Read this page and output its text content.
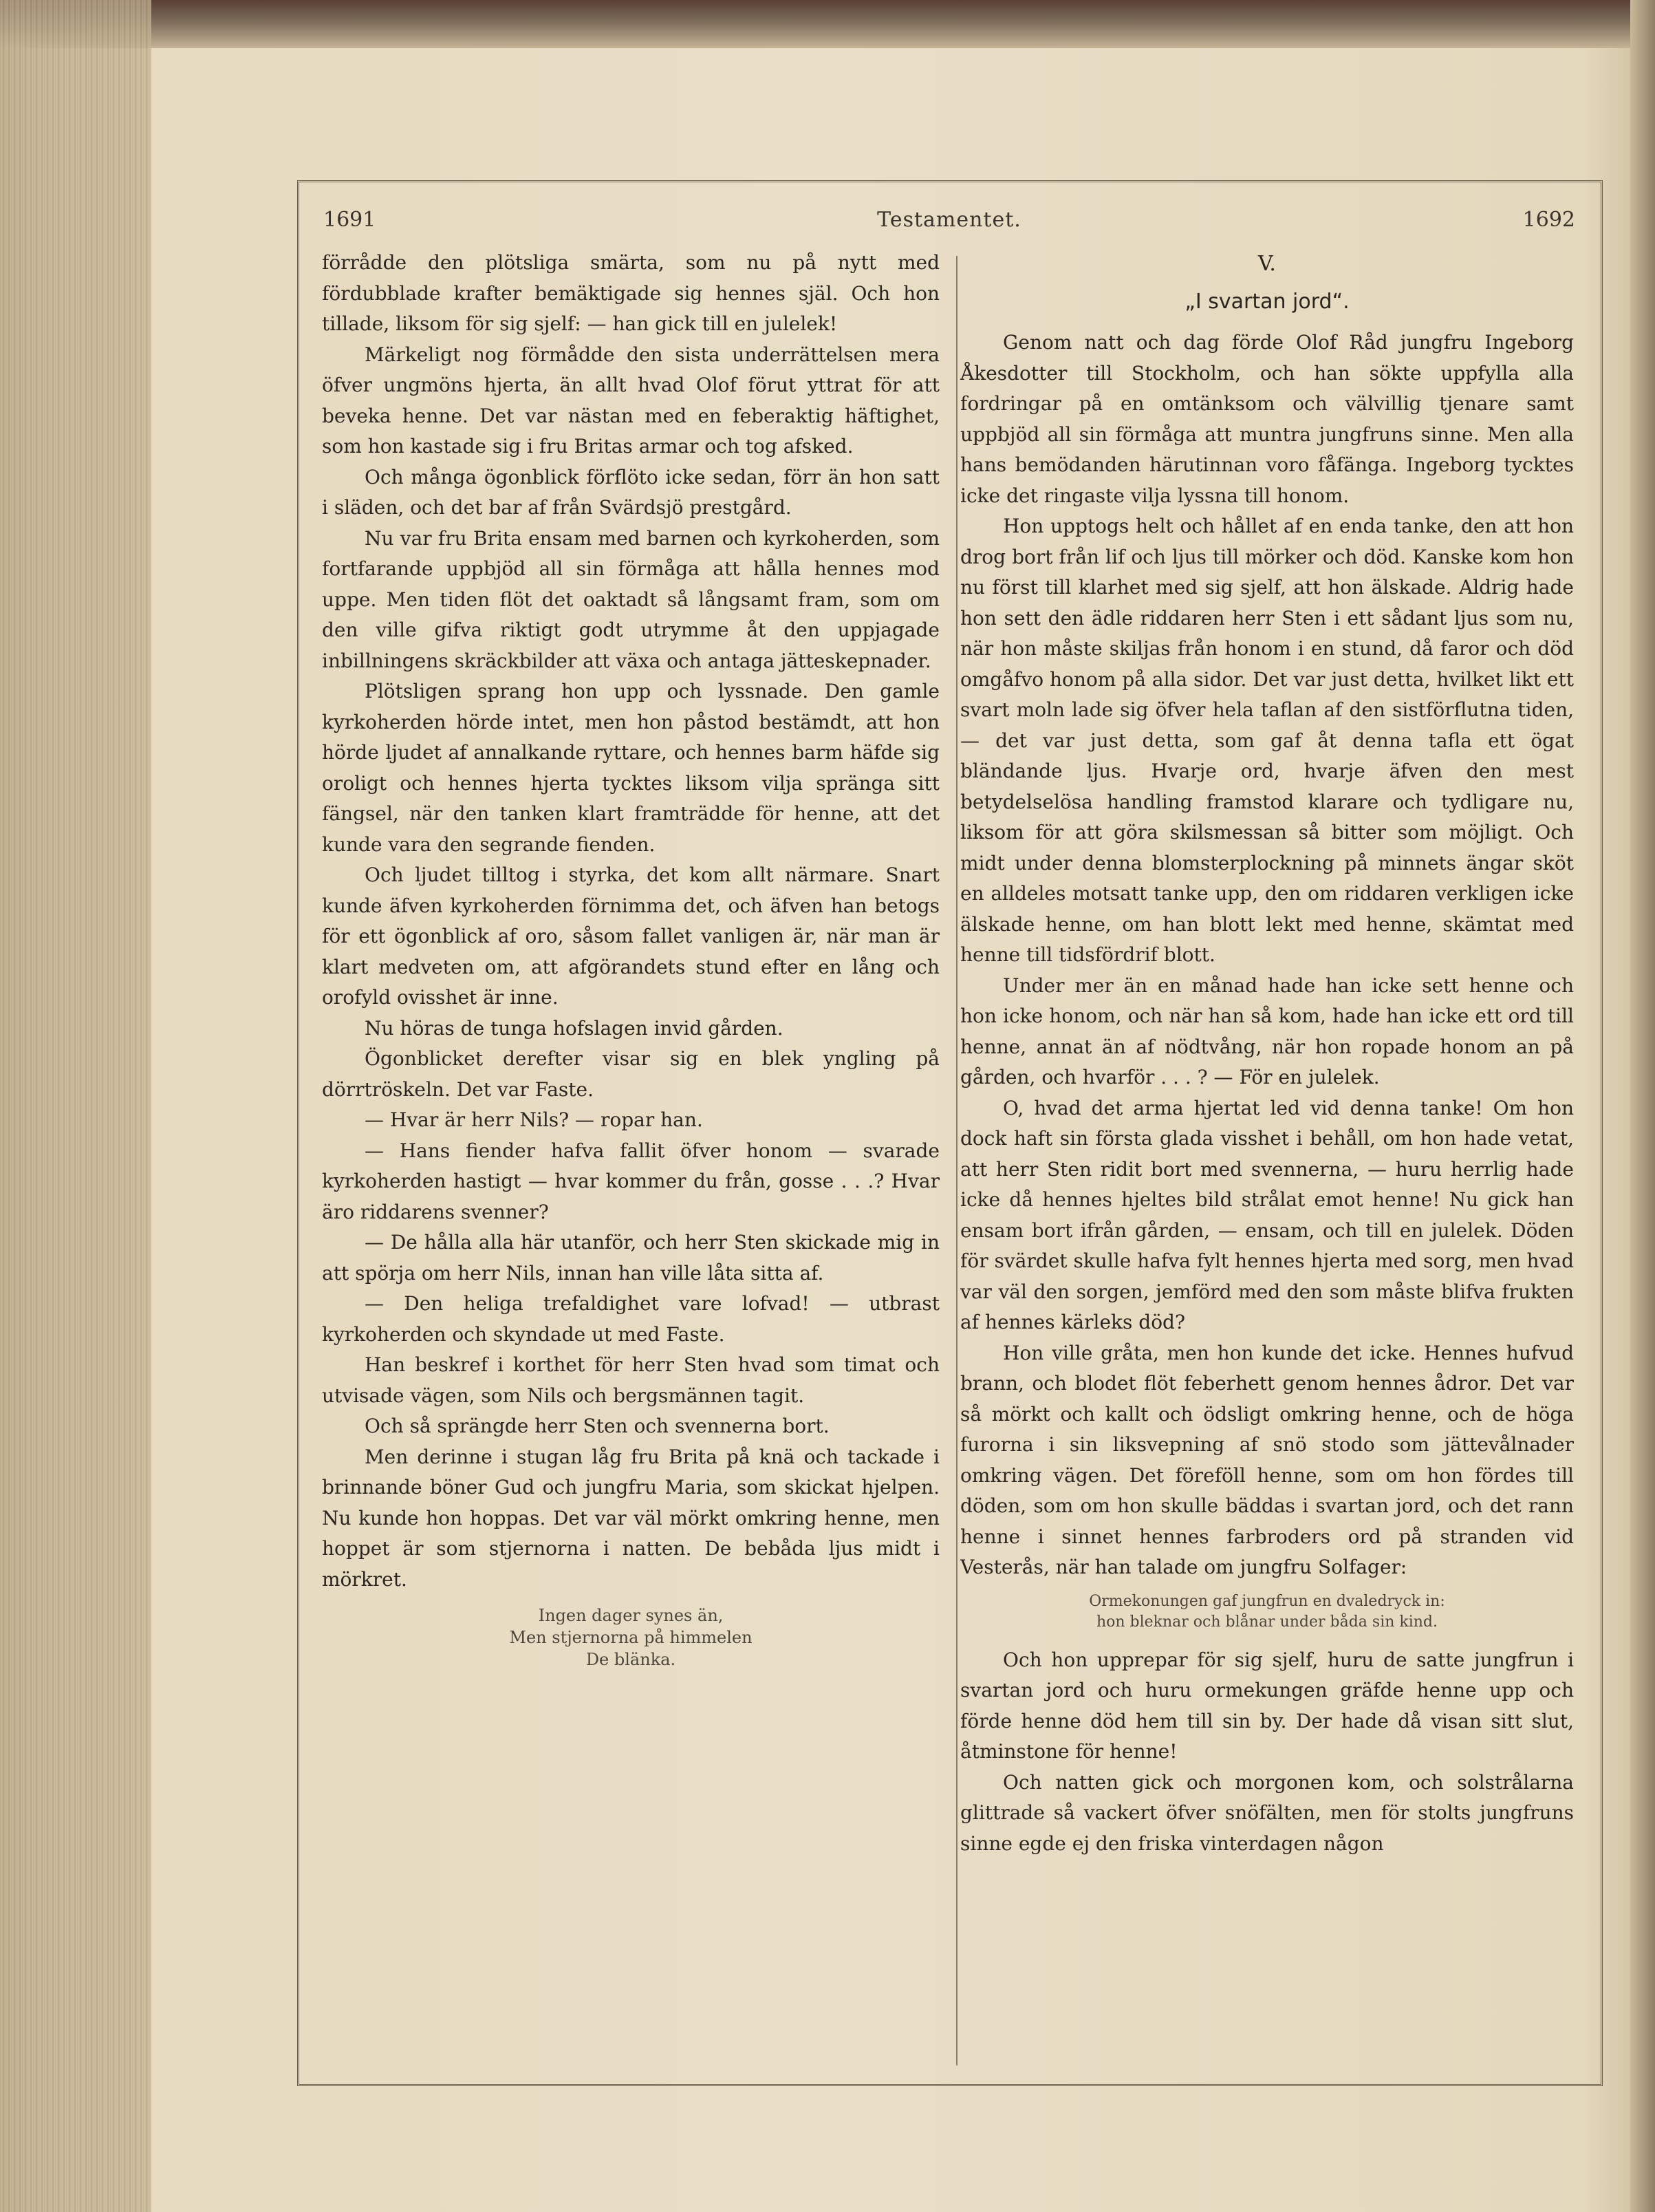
1691	Testamentet.	1692

förrådde den plötsliga smärta, som nu på nytt med fördubblade krafter bemäktigade sig hennes själ. Och hon tillade, liksom för sig sjelf: — han gick till en julelek!

Märkeligt nog förmådde den sista underrättelsen mera öfver ungmöns hjerta, än allt hvad Olof förut yttrat för att beveka henne. Det var nästan med en feberaktig häftighet, som hon kastade sig i fru Britas armar och tog afsked.

Och många ögonblick förflöto icke sedan, förr än hon satt i släden, och det bar af från Svärdsjö prestgård.

Nu var fru Brita ensam med barnen och kyrkoherden, som fortfarande uppbjöd all sin förmåga att hålla hennes mod uppe. Men tiden flöt det oaktadt så långsamt fram, som om den ville gifva riktigt godt utrymme åt den uppjagade inbillningens skräckbilder att växa och antaga jätteskepnader.

Plötsligen sprang hon upp och lyssnade. Den gamle kyrkoherden hörde intet, men hon påstod bestämdt, att hon hörde ljudet af annalkande ryttare, och hennes barm häfde sig oroligt och hennes hjerta tycktes liksom vilja spränga sitt fängsel, när den tanken klart framträdde för henne, att det kunde vara den segrande fienden.

Och ljudet tilltog i styrka, det kom allt närmare. Snart kunde äfven kyrkoherden förnimma det, och äfven han betogs för ett ögonblick af oro, såsom fallet vanligen är, när man är klart medveten om, att afgörandets stund efter en lång och orofyld ovisshet är inne.

Nu höras de tunga hofslagen invid gården.

Ögonblicket derefter visar sig en blek yngling på dörrtröskeln. Det var Faste.

— Hvar är herr Nils? — ropar han.

— Hans fiender hafva fallit öfver honom — svarade kyrkoherden hastigt — hvar kommer du från, gosse . . .? Hvar äro riddarens svenner?

— De hålla alla här utanför, och herr Sten skickade mig in att spörja om herr Nils, innan han ville låta sitta af.

— Den heliga trefaldighet vare lofvad! — utbrast kyrkoherden och skyndade ut med Faste.

Han beskref i korthet för herr Sten hvad som timat och utvisade vägen, som Nils och bergsmännen tagit.

Och så sprängde herr Sten och svennerna bort.

Men derinne i stugan låg fru Brita på knä och tackade i brinnande böner Gud och jungfru Maria, som skickat hjelpen. Nu kunde hon hoppas. Det var väl mörkt omkring henne, men hoppet är som stjernorna i natten. De bebåda ljus midt i mörkret.

Ingen dager synes än,
Men stjernorna på himmelen
De blänka.
V.
„I svartan jord“.

Genom natt och dag förde Olof Råd jungfru Ingeborg Åkesdotter till Stockholm, och han sökte uppfylla alla fordringar på en omtänksom och välvillig tjenare samt uppbjöd all sin förmåga att muntra jungfruns sinne. Men alla hans bemödanden härutinnan voro fåfänga. Ingeborg tycktes icke det ringaste vilja lyssna till honom.

Hon upptogs helt och hållet af en enda tanke, den att hon drog bort från lif och ljus till mörker och död. Kanske kom hon nu först till klarhet med sig sjelf, att hon älskade. Aldrig hade hon sett den ädle riddaren herr Sten i ett sådant ljus som nu, när hon måste skiljas från honom i en stund, då faror och död omgåfvo honom på alla sidor. Det var just detta, hvilket likt ett svart moln lade sig öfver hela taflan af den sistförflutna tiden, — det var just detta, som gaf åt denna tafla ett ögat bländande ljus. Hvarje ord, hvarje äfven den mest betydelselösa handling framstod klarare och tydligare nu, liksom för att göra skilsmessan så bitter som möjligt. Och midt under denna blomsterplockning på minnets ängar sköt en alldeles motsatt tanke upp, den om riddaren verkligen icke älskade henne, om han blott lekt med henne, skämtat med henne till tidsfördrif blott.

Under mer än en månad hade han icke sett henne och hon icke honom, och när han så kom, hade han icke ett ord till henne, annat än af nödtvång, när hon ropade honom an på gården, och hvarför . . . ? — För en julelek.

O, hvad det arma hjertat led vid denna tanke! Om hon dock haft sin första glada visshet i behåll, om hon hade vetat, att herr Sten ridit bort med svennerna, — huru herrlig hade icke då hennes hjeltes bild strålat emot henne! Nu gick han ensam bort ifrån gården, — ensam, och till en julelek. Döden för svärdet skulle hafva fylt hennes hjerta med sorg, men hvad var väl den sorgen, jemförd med den som måste blifva frukten af hennes kärleks död?

Hon ville gråta, men hon kunde det icke. Hennes hufvud brann, och blodet flöt feberhett genom hennes ådror. Det var så mörkt och kallt och ödsligt omkring henne, och de höga furorna i sin liksvepning af snö stodo som jättevålnader omkring vägen. Det föreföll henne, som om hon fördes till döden, som om hon skulle bäddas i svartan jord, och det rann henne i sinnet hennes farbroders ord på stranden vid Vesterås, när han talade om jungfru Solfager:

Ormekonungen gaf jungfrun en dvaledryck in:
hon bleknar och blånar under båda sin kind.

Och hon upprepar för sig sjelf, huru de satte jungfrun i svartan jord och huru ormekungen gräfde henne upp och förde henne död hem till sin by. Der hade då visan sitt slut, åtminstone för henne!

Och natten gick och morgonen kom, och solstrålarna glittrade så vackert öfver snöfälten, men för stolts jungfruns sinne egde ej den friska vinterdagen någon
